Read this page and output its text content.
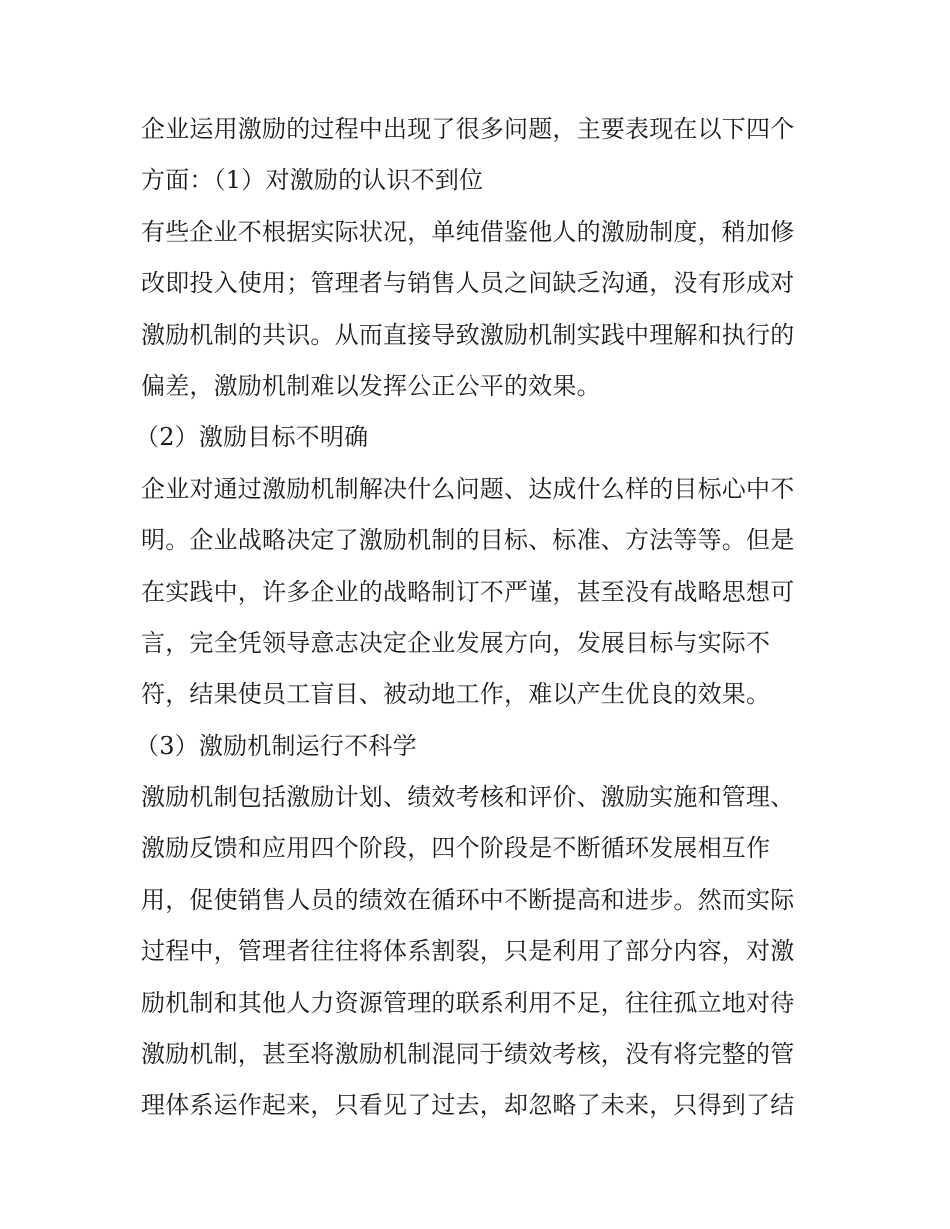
企业运用激励的过程中出现了很多问题，主要表现在以下四个
方面：（1）对激励的认识不到位
有些企业不根据实际状况，单纯借鉴他人的激励制度，稍加修
改即投入使用；管理者与销售人员之间缺乏沟通，没有形成对
激励机制的共识。从而直接导致激励机制实践中理解和执行的
偏差，激励机制难以发挥公正公平的效果。
（2）激励目标不明确
企业对通过激励机制解决什么问题、达成什么样的目标心中不
明。企业战略决定了激励机制的目标、标准、方法等等。但是
在实践中，许多企业的战略制订不严谨，甚至没有战略思想可
言，完全凭领导意志决定企业发展方向，发展目标与实际不
符，结果使员工盲目、被动地工作，难以产生优良的效果。
（3）激励机制运行不科学
激励机制包括激励计划、绩效考核和评价、激励实施和管理、
激励反馈和应用四个阶段，四个阶段是不断循环发展相互作
用，促使销售人员的绩效在循环中不断提高和进步。然而实际
过程中，管理者往往将体系割裂，只是利用了部分内容，对激
励机制和其他人力资源管理的联系利用不足，往往孤立地对待
激励机制，甚至将激励机制混同于绩效考核，没有将完整的管
理体系运作起来，只看见了过去，却忽略了未来，只得到了结
